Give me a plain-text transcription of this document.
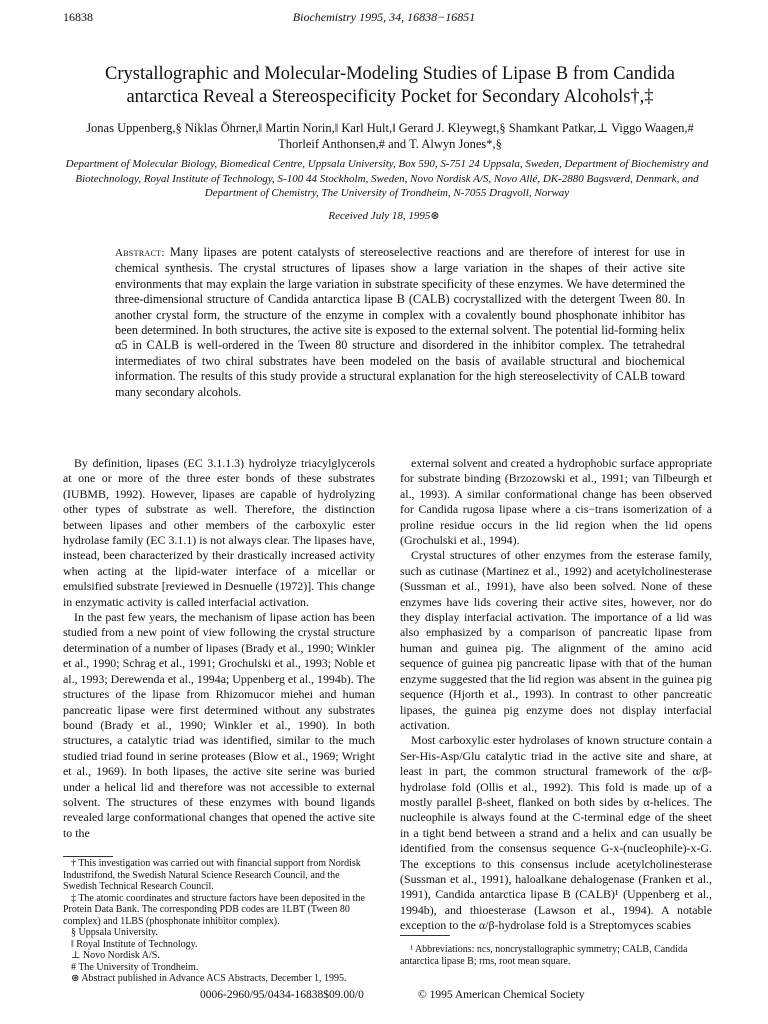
16838	Biochemistry 1995, 34, 16838−16851
Crystallographic and Molecular-Modeling Studies of Lipase B from Candida antarctica Reveal a Stereospecificity Pocket for Secondary Alcohols†,‡
Jonas Uppenberg,§ Niklas Öhrner,‖ Martin Norin,‖ Karl Hult,‖ Gerard J. Kleywegt,§ Shamkant Patkar,⊥ Viggo Waagen,# Thorleif Anthonsen,# and T. Alwyn Jones*,§
Department of Molecular Biology, Biomedical Centre, Uppsala University, Box 590, S-751 24 Uppsala, Sweden, Department of Biochemistry and Biotechnology, Royal Institute of Technology, S-100 44 Stockholm, Sweden, Novo Nordisk A/S, Novo Allé, DK-2880 Bagsværd, Denmark, and Department of Chemistry, The University of Trondheim, N-7055 Dragvoll, Norway
Received July 18, 1995⊛
Abstract: Many lipases are potent catalysts of stereoselective reactions and are therefore of interest for use in chemical synthesis. The crystal structures of lipases show a large variation in the shapes of their active site environments that may explain the large variation in substrate specificity of these enzymes. We have determined the three-dimensional structure of Candida antarctica lipase B (CALB) cocrystallized with the detergent Tween 80. In another crystal form, the structure of the enzyme in complex with a covalently bound phosphonate inhibitor has been determined. In both structures, the active site is exposed to the external solvent. The potential lid-forming helix α5 in CALB is well-ordered in the Tween 80 structure and disordered in the inhibitor complex. The tetrahedral intermediates of two chiral substrates have been modeled on the basis of available structural and biochemical information. The results of this study provide a structural explanation for the high stereoselectivity of CALB toward many secondary alcohols.

By definition, lipases (EC 3.1.1.3) hydrolyze triacylglycerols at one or more of the three ester bonds of these substrates (IUBMB, 1992). However, lipases are capable of hydrolyzing other types of substrate as well. Therefore, the distinction between lipases and other members of the carboxylic ester hydrolase family (EC 3.1.1) is not always clear. The lipases have, instead, been characterized by their drastically increased activity when acting at the lipid-water interface of a micellar or emulsified substrate [reviewed in Desnuelle (1972)]. This change in enzymatic activity is called interfacial activation.

In the past few years, the mechanism of lipase action has been studied from a new point of view following the crystal structure determination of a number of lipases (Brady et al., 1990; Winkler et al., 1990; Schrag et al., 1991; Grochulski et al., 1993; Noble et al., 1993; Derewenda et al., 1994a; Uppenberg et al., 1994b). The structures of the lipase from Rhizomucor miehei and human pancreatic lipase were first determined without any substrates bound (Brady et al., 1990; Winkler et al., 1990). In both structures, a catalytic triad was identified, similar to the much studied triad found in serine proteases (Blow et al., 1969; Wright et al., 1969). In both lipases, the active site serine was buried under a helical lid and therefore was not accessible to external solvent. The structures of these enzymes with bound ligands revealed large conformational changes that opened the active site to the

external solvent and created a hydrophobic surface appropriate for substrate binding (Brzozowski et al., 1991; van Tilbeurgh et al., 1993). A similar conformational change has been observed for Candida rugosa lipase where a cis−trans isomerization of a proline residue occurs in the lid region when the lid opens (Grochulski et al., 1994).

Crystal structures of other enzymes from the esterase family, such as cutinase (Martinez et al., 1992) and acetylcholinesterase (Sussman et al., 1991), have also been solved. None of these enzymes have lids covering their active sites, however, nor do they display interfacial activation. The importance of a lid was also emphasized by a comparison of pancreatic lipase from human and guinea pig. The alignment of the amino acid sequence of guinea pig pancreatic lipase with that of the human enzyme suggested that the lid region was absent in the guinea pig sequence (Hjorth et al., 1993). In contrast to other pancreatic lipases, the guinea pig enzyme does not display interfacial activation.

Most carboxylic ester hydrolases of known structure contain a Ser-His-Asp/Glu catalytic triad in the active site and share, at least in part, the common structural framework of the α/β-hydrolase fold (Ollis et al., 1992). This fold is made up of a mostly parallel β-sheet, flanked on both sides by α-helices. The nucleophile is always found at the C-terminal edge of the sheet in a tight bend between a strand and a helix and can usually be identified from the consensus sequence G-x-(nucleophile)-x-G. The exceptions to this consensus include acetylcholinesterase (Sussman et al., 1991), haloalkane dehalogenase (Franken et al., 1991), Candida antarctica lipase B (CALB)¹ (Uppenberg et al., 1994b), and thioesterase (Lawson et al., 1994). A notable exception to the α/β-hydrolase fold is a Streptomyces scabies

† This investigation was carried out with financial support from Nordisk Industrifond, the Swedish Natural Science Research Council, and the Swedish Technical Research Council.
‡ The atomic coordinates and structure factors have been deposited in the Protein Data Bank. The corresponding PDB codes are 1LBT (Tween 80 complex) and 1LBS (phosphonate inhibitor complex).
§ Uppsala University.
‖ Royal Institute of Technology.
⊥ Novo Nordisk A/S.
# The University of Trondheim.
⊛ Abstract published in Advance ACS Abstracts, December 1, 1995.
¹ Abbreviations: ncs, noncrystallographic symmetry; CALB, Candida antarctica lipase B; rms, root mean square.
0006-2960/95/0434-16838$09.00/0	© 1995 American Chemical Society
